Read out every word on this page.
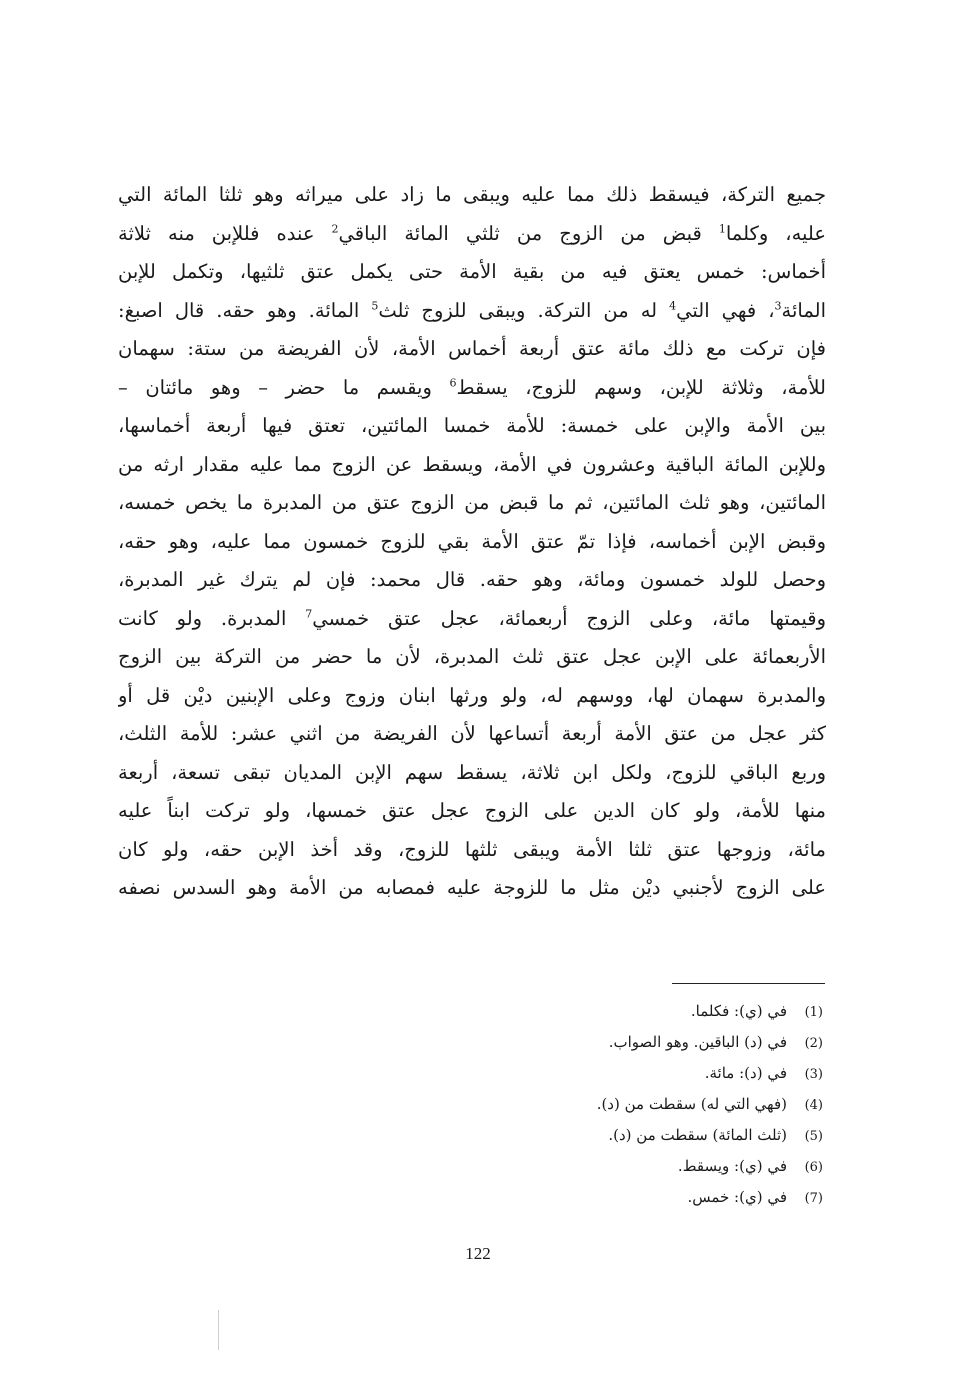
جميع التركة، فيسقط ذلك مما عليه ويبقى ما زاد على ميراثه وهو ثلثا المائة التي
عليه، وكلما$^1$ قبض من الزوج من ثلثي المائة الباقي$^2$ عنده فللإبن منه ثلاثة
أخماس: خمس يعتق فيه من بقية الأمة حتى يكمل عتق ثلثيها، وتكمل للإبن
المائة$^3$، فهي التي$^4$ له من التركة. ويبقى للزوج ثلث$^5$ المائة. وهو حقه. قال اصبغ:
فإن تركت مع ذلك مائة عتق أربعة أخماس الأمة، لأن الفريضة من ستة: سهمان
للأمة، وثلاثة للإبن، وسهم للزوج، يسقط$^6$ ويقسم ما حضر – وهو مائتان –
بين الأمة والإبن على خمسة: للأمة خمسا المائتين، تعتق فيها أربعة أخماسها،
وللإبن المائة الباقية وعشرون في الأمة، ويسقط عن الزوج مما عليه مقدار ارثه من
المائتين، وهو ثلث المائتين، ثم ما قبض من الزوج عتق من المدبرة ما يخص خمسه،
وقبض الإبن أخماسه، فإذا تمّ عتق الأمة بقي للزوج خمسون مما عليه، وهو حقه،
وحصل للولد خمسون ومائة، وهو حقه. قال محمد: فإن لم يترك غير المدبرة،
وقيمتها مائة، وعلى الزوج أربعمائة، عجل عتق خمسي$^7$ المدبرة. ولو كانت
الأربعمائة على الإبن عجل عتق ثلث المدبرة، لأن ما حضر من التركة بين الزوج
والمدبرة سهمان لها، ووسهم له، ولو ورثها ابنان وزوج وعلى الإبنين ديْن قل أو
كثر عجل من عتق الأمة أربعة أتساعها لأن الفريضة من اثني عشر: للأمة الثلث،
وربع الباقي للزوج، ولكل ابن ثلاثة، يسقط سهم الإبن المديان تبقى تسعة، أربعة
منها للأمة، ولو كان الدين على الزوج عجل عتق خمسها، ولو تركت ابناً عليه
مائة، وزوجها عتق ثلثا الأمة ويبقى ثلثها للزوج، وقد أخذ الإبن حقه، ولو كان
على الزوج لأجنبي ديْن مثل ما للزوجة عليه فمصابه من الأمة وهو السدس نصفه
(1)في (ي): فكلما.
(2)في (د) الباقين. وهو الصواب.
(3)في (د): مائة.
(4)(فهي التي له) سقطت من (د).
(5)(ثلث المائة) سقطت من (د).
(6)في (ي): ويسقط.
(7)في (ي): خمس.
122
